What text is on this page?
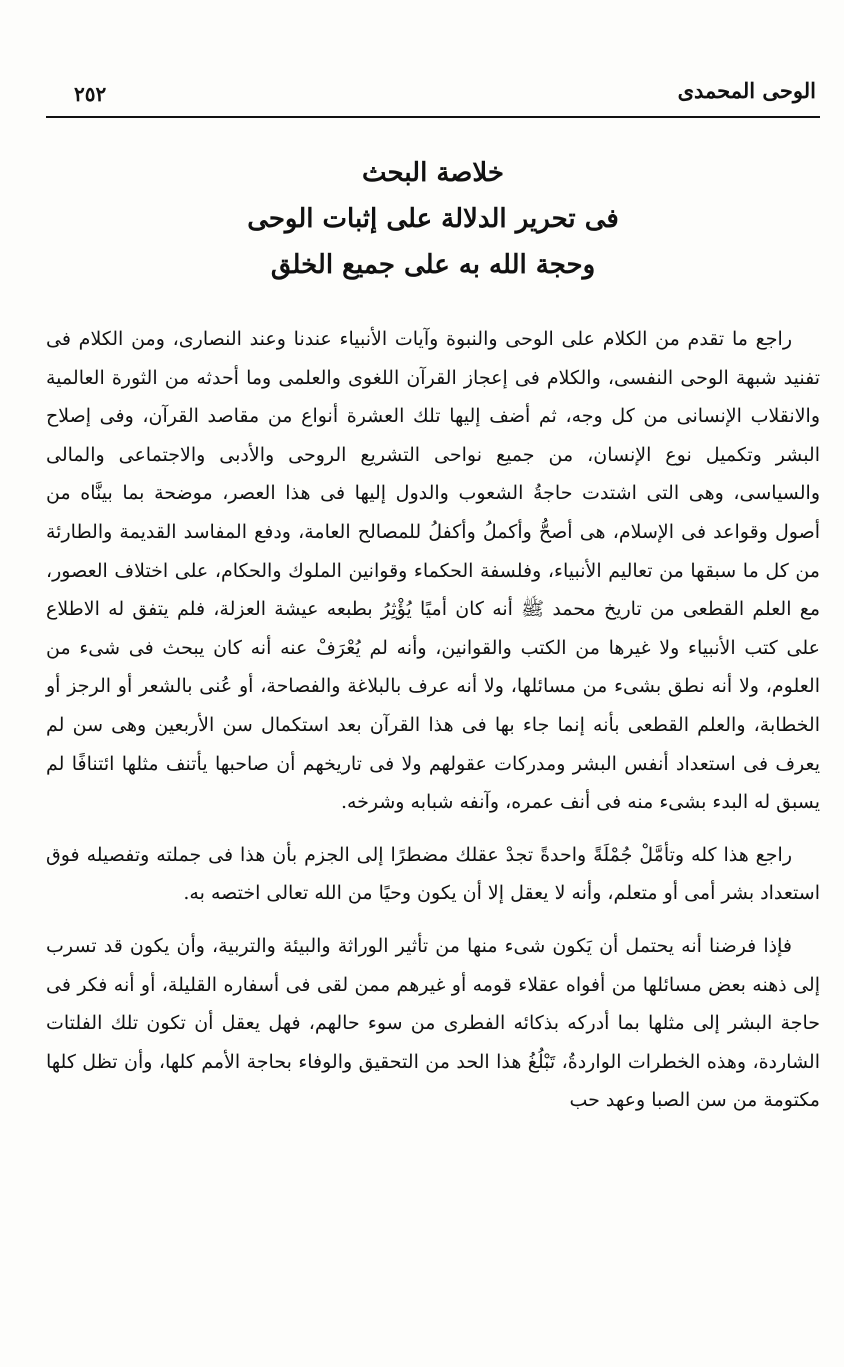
الوحى المحمدى
٢٥٢
خلاصة البحث
فى تحرير الدلالة على إثبات الوحى
وحجة الله به على جميع الخلق

راجع ما تقدم من الكلام على الوحى والنبوة وآيات الأنبياء عندنا وعند النصارى، ومن الكلام فى تفنيد شبهة الوحى النفسى، والكلام فى إعجاز القرآن اللغوى والعلمى وما أحدثه من الثورة العالمية والانقلاب الإنسانى من كل وجه، ثم أضف إليها تلك العشرة أنواع من مقاصد القرآن، وفى إصلاح البشر وتكميل نوع الإنسان، من جميع نواحى التشريع الروحى والأدبى والاجتماعى والمالى والسياسى، وهى التى اشتدت حاجةُ الشعوب والدول إليها فى هذا العصر، موضحة بما بينَّاه من أصول وقواعد فى الإسلام، هى أصحُّ وأكملُ وأكفلُ للمصالح العامة، ودفع المفاسد القديمة والطارئة من كل ما سبقها من تعاليم الأنبياء، وفلسفة الحكماء وقوانين الملوك والحكام، على اختلاف العصور، مع العلم القطعى من تاريخ محمد ﷺ أنه كان أميًا يُؤْثِرُ بطبعه عيشة العزلة، فلم يتفق له الاطلاع على كتب الأنبياء ولا غيرها من الكتب والقوانين، وأنه لم يُعْرَفْ عنه أنه كان يبحث فى شىء من العلوم، ولا أنه نطق بشىء من مسائلها، ولا أنه عرف بالبلاغة والفصاحة، أو عُنى بالشعر أو الرجز أو الخطابة، والعلم القطعى بأنه إنما جاء بها فى هذا القرآن بعد استكمال سن الأربعين وهى سن لم يعرف فى استعداد أنفس البشر ومدركات عقولهم ولا فى تاريخهم أن صاحبها يأتنف مثلها ائتنافًا لم يسبق له البدء بشىء منه فى أنف عمره، وآنفه شبابه وشرخه.

راجع هذا كله وتأمَّلْ جُمْلَةً واحدةً تجدْ عقلك مضطرًا إلى الجزم بأن هذا فى جملته وتفصيله فوق استعداد بشر أمى أو متعلم، وأنه لا يعقل إلا أن يكون وحيًا من الله تعالى اختصه به.

فإذا فرضنا أنه يحتمل أن يَكون شىء منها من تأثير الوراثة والبيئة والتربية، وأن يكون قد تسرب إلى ذهنه بعض مسائلها من أفواه عقلاء قومه أو غيرهم ممن لقى فى أسفاره القليلة، أو أنه فكر فى حاجة البشر إلى مثلها بما أدركه بذكائه الفطرى من سوء حالهم، فهل يعقل أن تكون تلك الفلتات الشاردة، وهذه الخطرات الواردةُ، تَبْلُغُ هذا الحد من التحقيق والوفاء بحاجة الأمم كلها، وأن تظل كلها مكتومة من سن الصبا وعهد حب
